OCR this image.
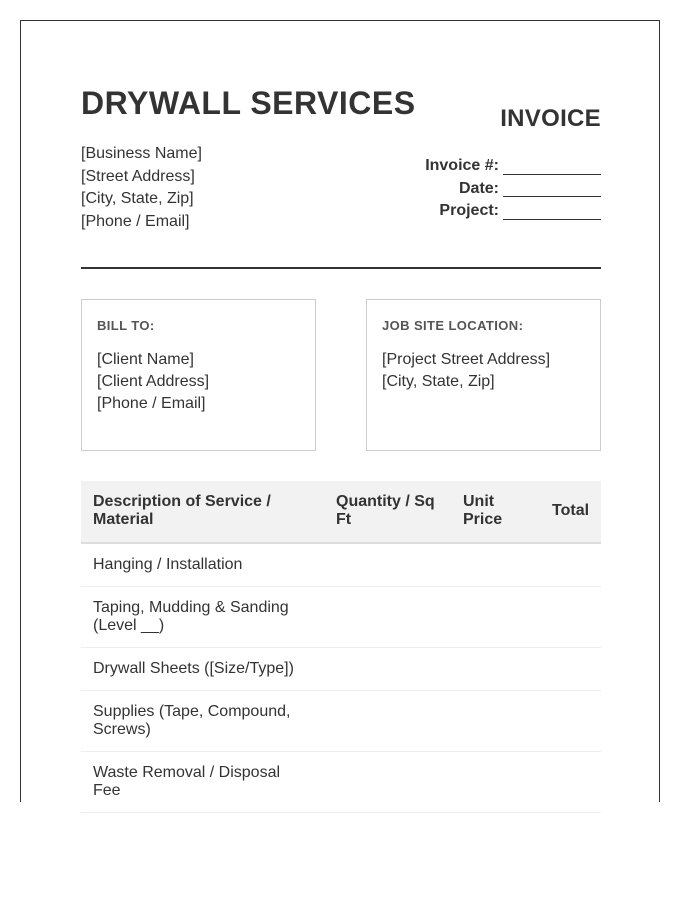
DRYWALL SERVICES	INVOICE
[Business Name]
[Street Address]
[City, State, Zip]
[Phone / Email]
Invoice #:
Date:
Project:
BILL TO:
[Client Name]
[Client Address]
[Phone / Email]
JOB SITE LOCATION:
[Project Street Address]
[City, State, Zip]
Description of Service / Material	Quantity / Sq Ft	Unit Price	Total
Hanging / Installation			
Taping, Mudding & Sanding (Level __)			
Drywall Sheets ([Size/Type])			
Supplies (Tape, Compound, Screws)			
Waste Removal / Disposal Fee			
